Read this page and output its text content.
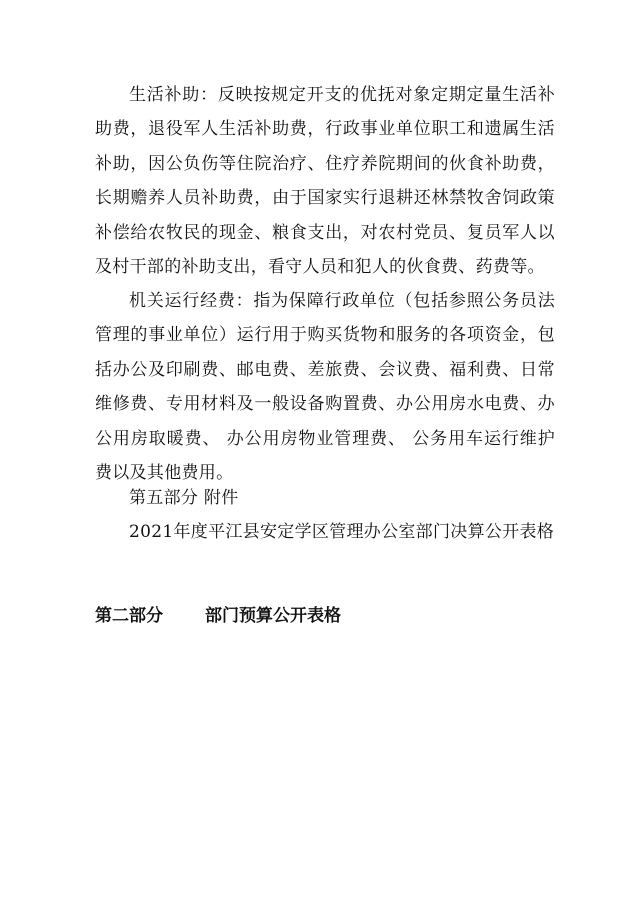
生活补助：反映按规定开支的优抚对象定期定量生活补助费，退役军人生活补助费，行政事业单位职工和遗属生活补助，因公负伤等住院治疗、住疗养院期间的伙食补助费，长期赡养人员补助费，由于国家实行退耕还林禁牧舍饲政策补偿给农牧民的现金、粮食支出，对农村党员、复员军人以及村干部的补助支出，看守人员和犯人的伙食费、药费等。

机关运行经费：指为保障行政单位（包括参照公务员法管理的事业单位）运行用于购买货物和服务的各项资金，包括办公及印刷费、邮电费、差旅费、会议费、福利费、日常维修费、专用材料及一般设备购置费、办公用房水电费、办公用房取暖费、 办公用房物业管理费、 公务用车运行维护费以及其他费用。

第五部分 附件

2021年度平江县安定学区管理办公室部门决算公开表格

第二部分 部门预算公开表格
